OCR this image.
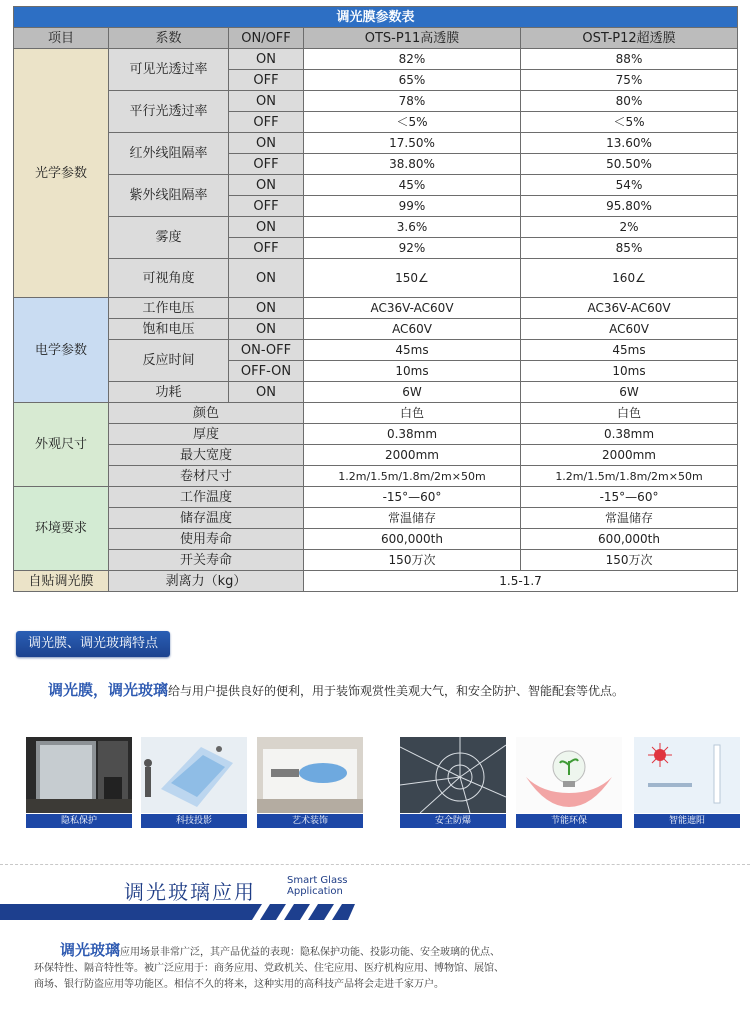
调光膜参数表				
项目	系数	ON/OFF	OTS-P11高透膜	OST-P12超透膜
光学参数	可见光透过率	ON	82%	88%
		OFF	65%	75%
	平行光透过率	ON	78%	80%
		OFF	＜5%	＜5%
	红外线阻隔率	ON	17.50%	13.60%
		OFF	38.80%	50.50%
	紫外线阻隔率	ON	45%	54%
		OFF	99%	95.80%
	雾度	ON	3.6%	2%
		OFF	92%	85%
	可视角度	ON	150∠	160∠
电学参数	工作电压	ON	AC36V-AC60V	AC36V-AC60V
	饱和电压	ON	AC60V	AC60V
	反应时间	ON-OFF	45ms	45ms
		OFF-ON	10ms	10ms
	功耗	ON	6W	6W
外观尺寸	颜色		白色	白色
	厚度		0.38mm	0.38mm
	最大宽度		2000mm	2000mm
	卷材尺寸		1.2m/1.5m/1.8m/2m×50m	1.2m/1.5m/1.8m/2m×50m
环境要求	工作温度		-15°—60°	-15°—60°
	储存温度		常温储存	常温储存
	使用寿命		600,000th	600,000th
	开关寿命		150万次	150万次
自贴调光膜	剥离力（kg）		1.5-1.7	
调光膜、调光玻璃特点
调光膜，调光玻璃给与用户提供良好的便利，用于装饰观赏性美观大气，和安全防护、智能配套等优点。
隐私保护	科技投影	艺术装饰	安全防爆	节能环保	智能遮阳
调光玻璃应用	Smart Glass
Application
调光玻璃应用场景非常广泛，其产品优益的表现：隐私保护功能、投影功能、安全玻璃的优点、
环保特性、隔音特性等。被广泛应用于：商务应用、党政机关、住宅应用、医疗机构应用、博物馆、展馆、
商场、银行防盗应用等功能区。相信不久的将来，这种实用的高科技产品将会走进千家万户。
